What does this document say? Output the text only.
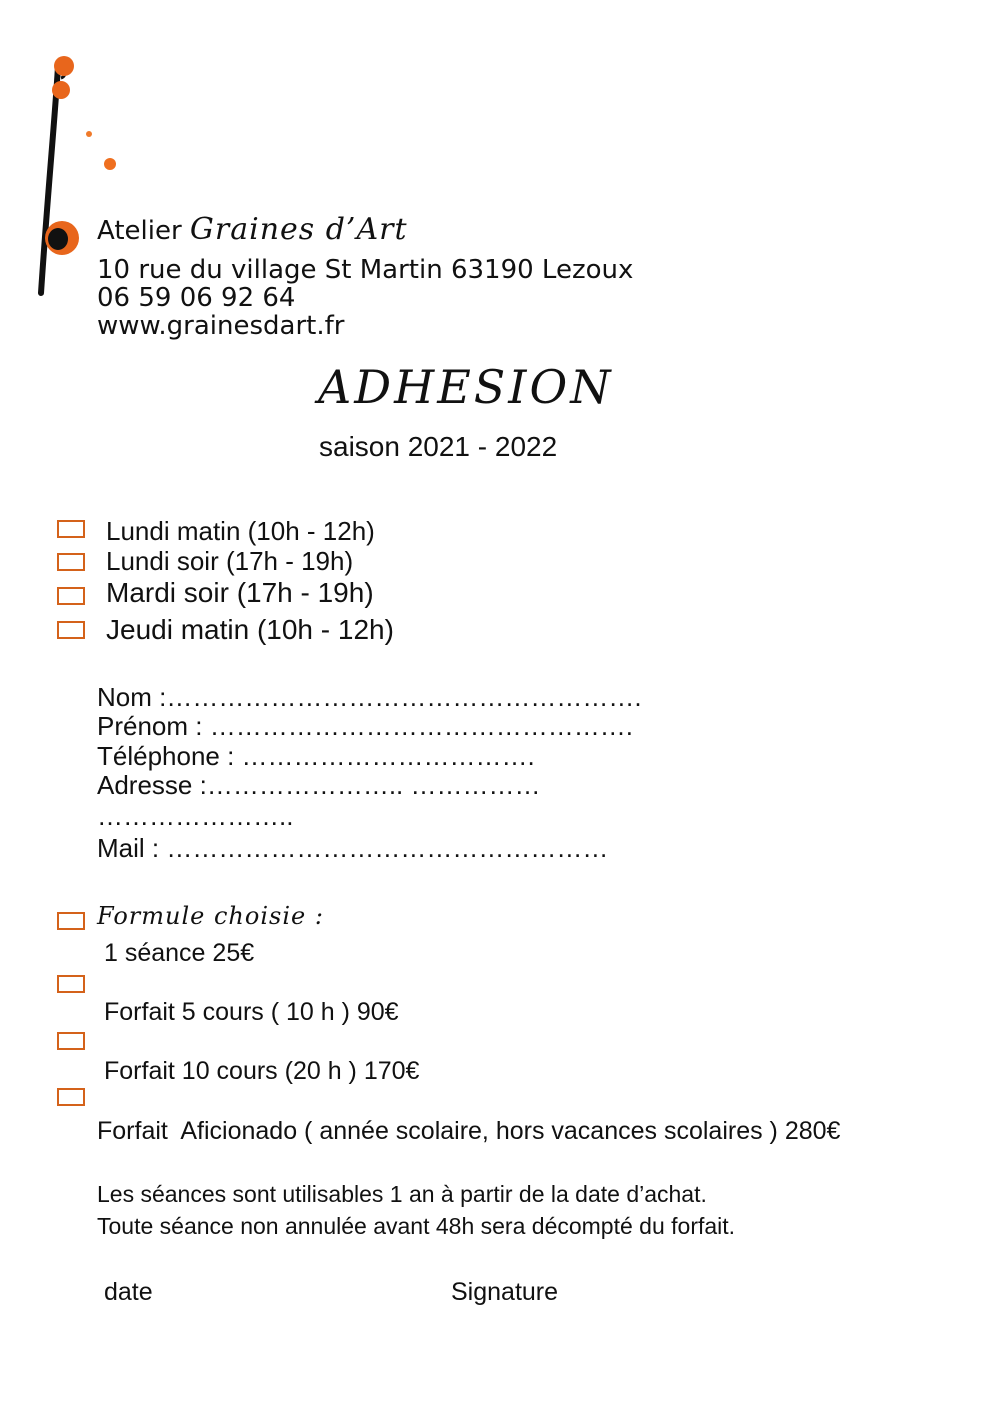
Atelier Graines d’Art
10 rue du village St Martin 63190 Lezoux
06 59 06 92 64
www.grainesdart.fr
ADHESION
saison 2021 - 2022
Lundi matin (10h - 12h)
Lundi soir (17h - 19h)
Mardi soir (17h - 19h)
Jeudi matin (10h - 12h)
Nom :……………………………………………….
Prénom : ………………………………………….
Téléphone : …………………………….
Adresse :………………….. ……………
…………………..
Mail : ……………………………………………
Formule choisie :
1 séance 25€
Forfait 5 cours ( 10 h ) 90€
Forfait 10 cours (20 h ) 170€
Forfait  Aficionado ( année scolaire, hors vacances scolaires ) 280€
Les séances sont utilisables 1 an à partir de la date d’achat.
Toute séance non annulée avant 48h sera décompté du forfait.
date	Signature
